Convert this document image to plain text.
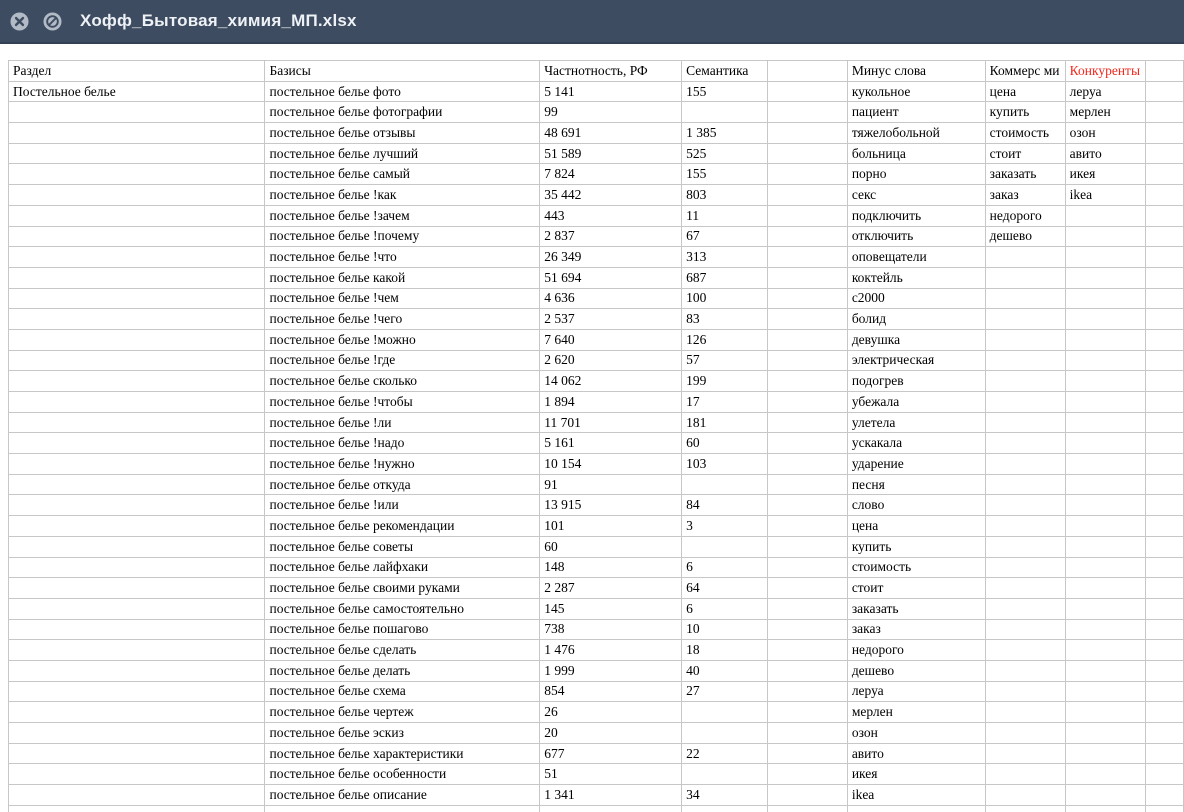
Хофф_Бытовая_химия_МП.xlsx
Раздел	Базисы	Частнотность, РФ	Семантика		Минус слова	Коммерс ми	Конкуренты	
Постельное белье	постельное белье фото	5 141	155		кукольное	цена	леруа	
	постельное белье фотографии	99			пациент	купить	мерлен	
	постельное белье отзывы	48 691	1 385		тяжелобольной	стоимость	озон	
	постельное белье лучший	51 589	525		больница	стоит	авито	
	постельное белье самый	7 824	155		порно	заказать	икея	
	постельное белье !как	35 442	803		секс	заказ	ikea	
	постельное белье !зачем	443	11		подключить	недорого		
	постельное белье !почему	2 837	67		отключить	дешево		
	постельное белье !что	26 349	313		оповещатели			
	постельное белье какой	51 694	687		коктейль			
	постельное белье !чем	4 636	100		с2000			
	постельное белье !чего	2 537	83		болид			
	постельное белье !можно	7 640	126		девушка			
	постельное белье !где	2 620	57		электрическая			
	постельное белье сколько	14 062	199		подогрев			
	постельное белье !чтобы	1 894	17		убежала			
	постельное белье !ли	11 701	181		улетела			
	постельное белье !надо	5 161	60		ускакала			
	постельное белье !нужно	10 154	103		ударение			
	постельное белье откуда	91			песня			
	постельное белье !или	13 915	84		слово			
	постельное белье рекомендации	101	3		цена			
	постельное белье советы	60			купить			
	постельное белье лайфхаки	148	6		стоимость			
	постельное белье своими руками	2 287	64		стоит			
	постельное белье самостоятельно	145	6		заказать			
	постельное белье пошагово	738	10		заказ			
	постельное белье сделать	1 476	18		недорого			
	постельное белье делать	1 999	40		дешево			
	постельное белье схема	854	27		леруа			
	постельное белье чертеж	26			мерлен			
	постельное белье эскиз	20			озон			
	постельное белье характеристики	677	22		авито			
	постельное белье особенности	51			икея			
	постельное белье описание	1 341	34		ikea			
